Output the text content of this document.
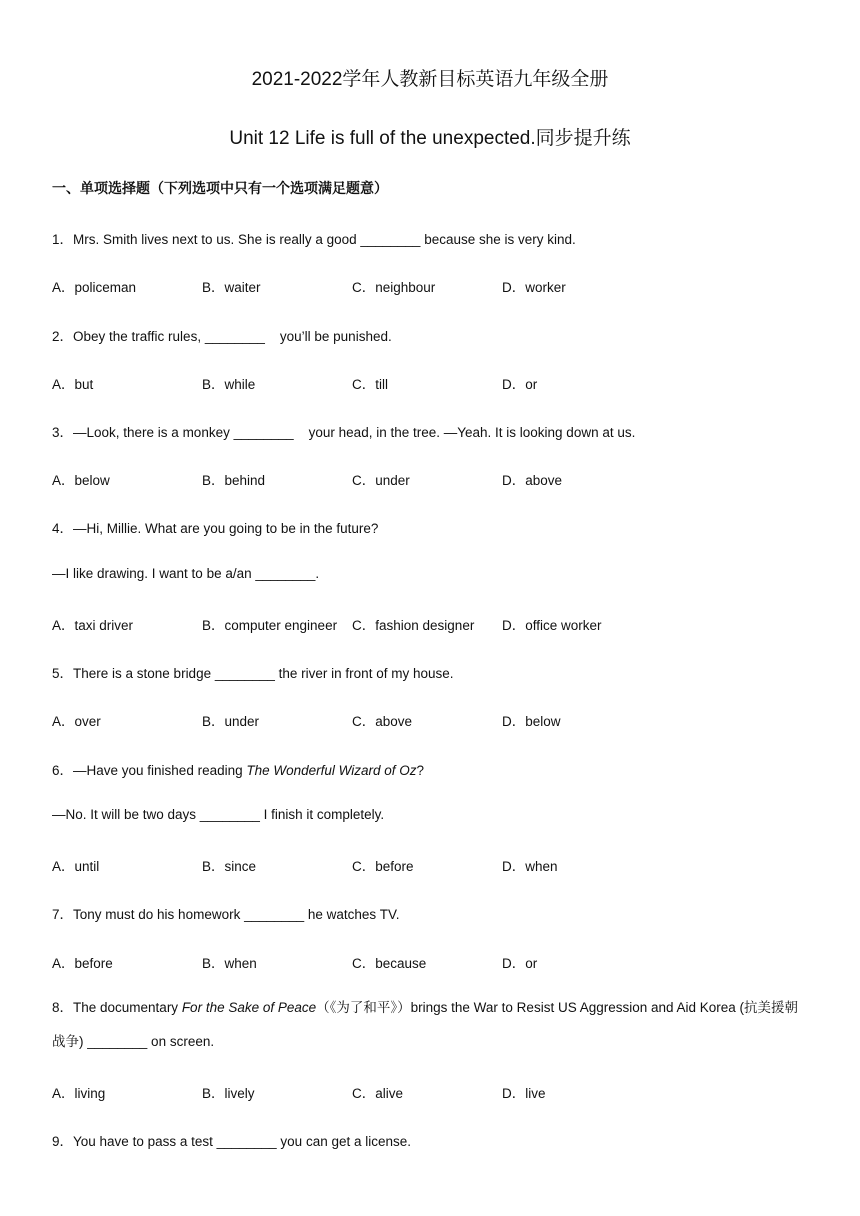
2021-2022学年人教新目标英语九年级全册
Unit 12 Life is full of the unexpected.同步提升练
一、单项选择题（下列选项中只有一个选项满足题意）
1．Mrs. Smith lives next to us. She is really a good ________ because she is very kind.
A．policeman	B．waiter	C．neighbour	D．worker
2．Obey the traffic rules, ________    you’ll be punished.
A．but	B．while	C．till	D．or
3．—Look, there is a monkey ________    your head, in the tree. —Yeah. It is looking down at us.
A．below	B．behind	C．under	D．above
4．—Hi, Millie. What are you going to be in the future?
—I like drawing. I want to be a/an ________.
A．taxi driver	B．computer engineer C．fashion designer D．office worker
5．There is a stone bridge ________ the river in front of my house.
A．over	B．under	C．above	D．below
6．—Have you finished reading The Wonderful Wizard of Oz?
—No. It will be two days ________ I finish it completely.
A．until	B．since	C．before	D．when
7．Tony must do his homework ________ he watches TV.
A．before	B．when	C．because	D．or
8．The documentary For the Sake of Peace（《为了和平》）brings the War to Resist US Aggression and Aid Korea (抗美援朝战争) ________ on screen.
A．living	B．lively	C．alive	D．live
9．You have to pass a test ________ you can get a license.
